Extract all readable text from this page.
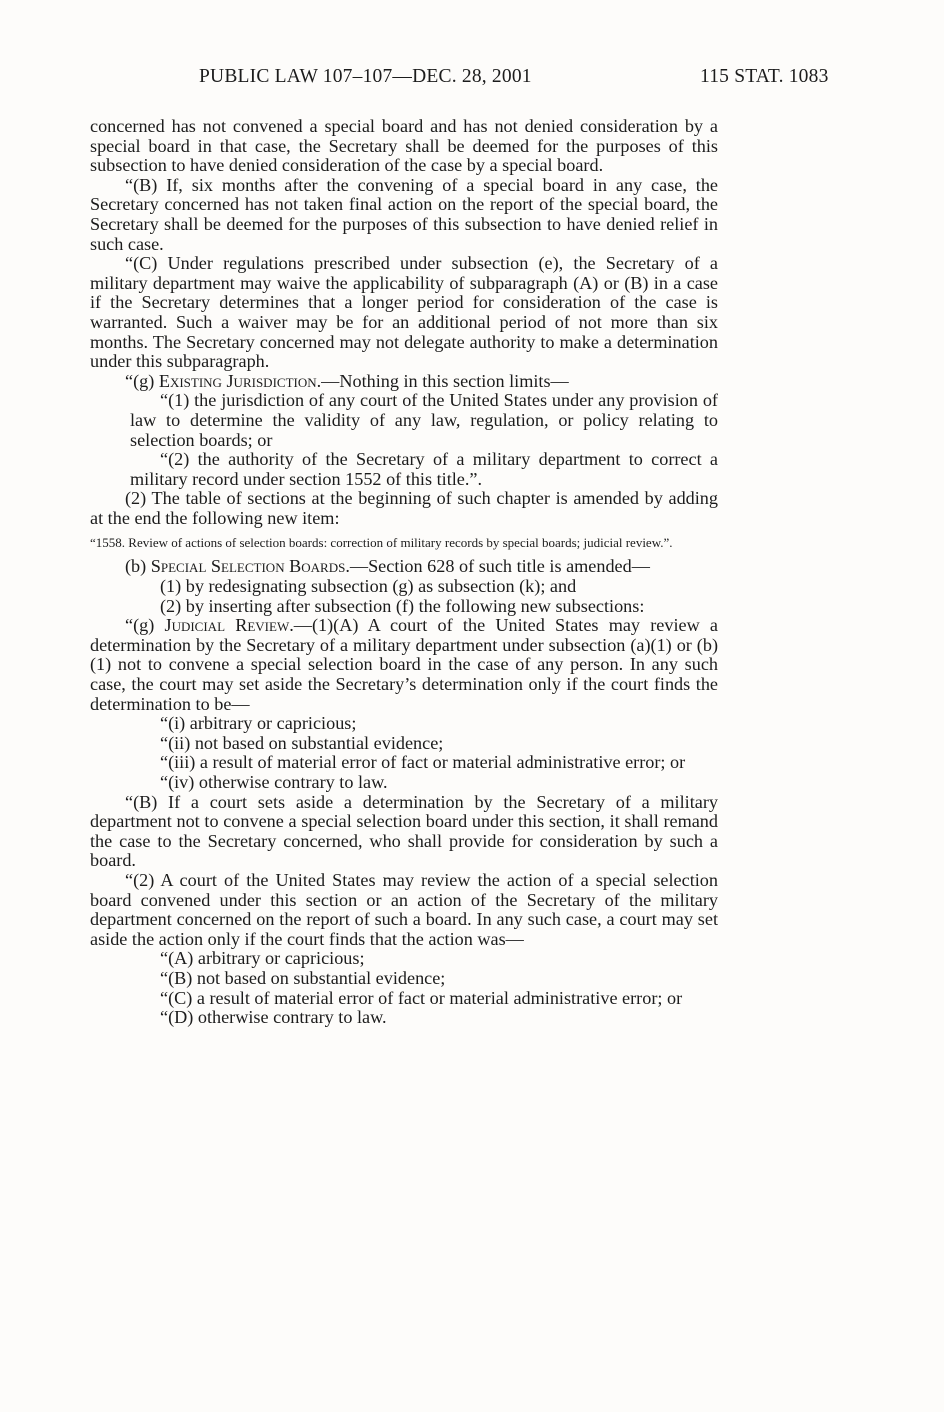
PUBLIC LAW 107–107—DEC. 28, 2001	115 STAT. 1083

concerned has not convened a special board and has not denied consideration by a special board in that case, the Secretary shall be deemed for the purposes of this subsection to have denied consideration of the case by a special board.

“(B) If, six months after the convening of a special board in any case, the Secretary concerned has not taken final action on the report of the special board, the Secretary shall be deemed for the purposes of this subsection to have denied relief in such case.

“(C) Under regulations prescribed under subsection (e), the Secretary of a military department may waive the applicability of subparagraph (A) or (B) in a case if the Secretary determines that a longer period for consideration of the case is warranted. Such a waiver may be for an additional period of not more than six months. The Secretary concerned may not delegate authority to make a determination under this subparagraph.

“(g) Existing Jurisdiction.—Nothing in this section limits—

“(1) the jurisdiction of any court of the United States under any provision of law to determine the validity of any law, regulation, or policy relating to selection boards; or

“(2) the authority of the Secretary of a military department to correct a military record under section 1552 of this title.”.

(2) The table of sections at the beginning of such chapter is amended by adding at the end the following new item:

“1558. Review of actions of selection boards: correction of military records by special boards; judicial review.”.

(b) Special Selection Boards.—Section 628 of such title is amended—

(1) by redesignating subsection (g) as subsection (k); and

(2) by inserting after subsection (f) the following new subsections:

“(g) Judicial Review.—(1)(A) A court of the United States may review a determination by the Secretary of a military department under subsection (a)(1) or (b)(1) not to convene a special selection board in the case of any person. In any such case, the court may set aside the Secretary’s determination only if the court finds the determination to be—

“(i) arbitrary or capricious;

“(ii) not based on substantial evidence;

“(iii) a result of material error of fact or material administrative error; or

“(iv) otherwise contrary to law.

“(B) If a court sets aside a determination by the Secretary of a military department not to convene a special selection board under this section, it shall remand the case to the Secretary concerned, who shall provide for consideration by such a board.

“(2) A court of the United States may review the action of a special selection board convened under this section or an action of the Secretary of the military department concerned on the report of such a board. In any such case, a court may set aside the action only if the court finds that the action was—

“(A) arbitrary or capricious;

“(B) not based on substantial evidence;

“(C) a result of material error of fact or material administrative error; or

“(D) otherwise contrary to law.
